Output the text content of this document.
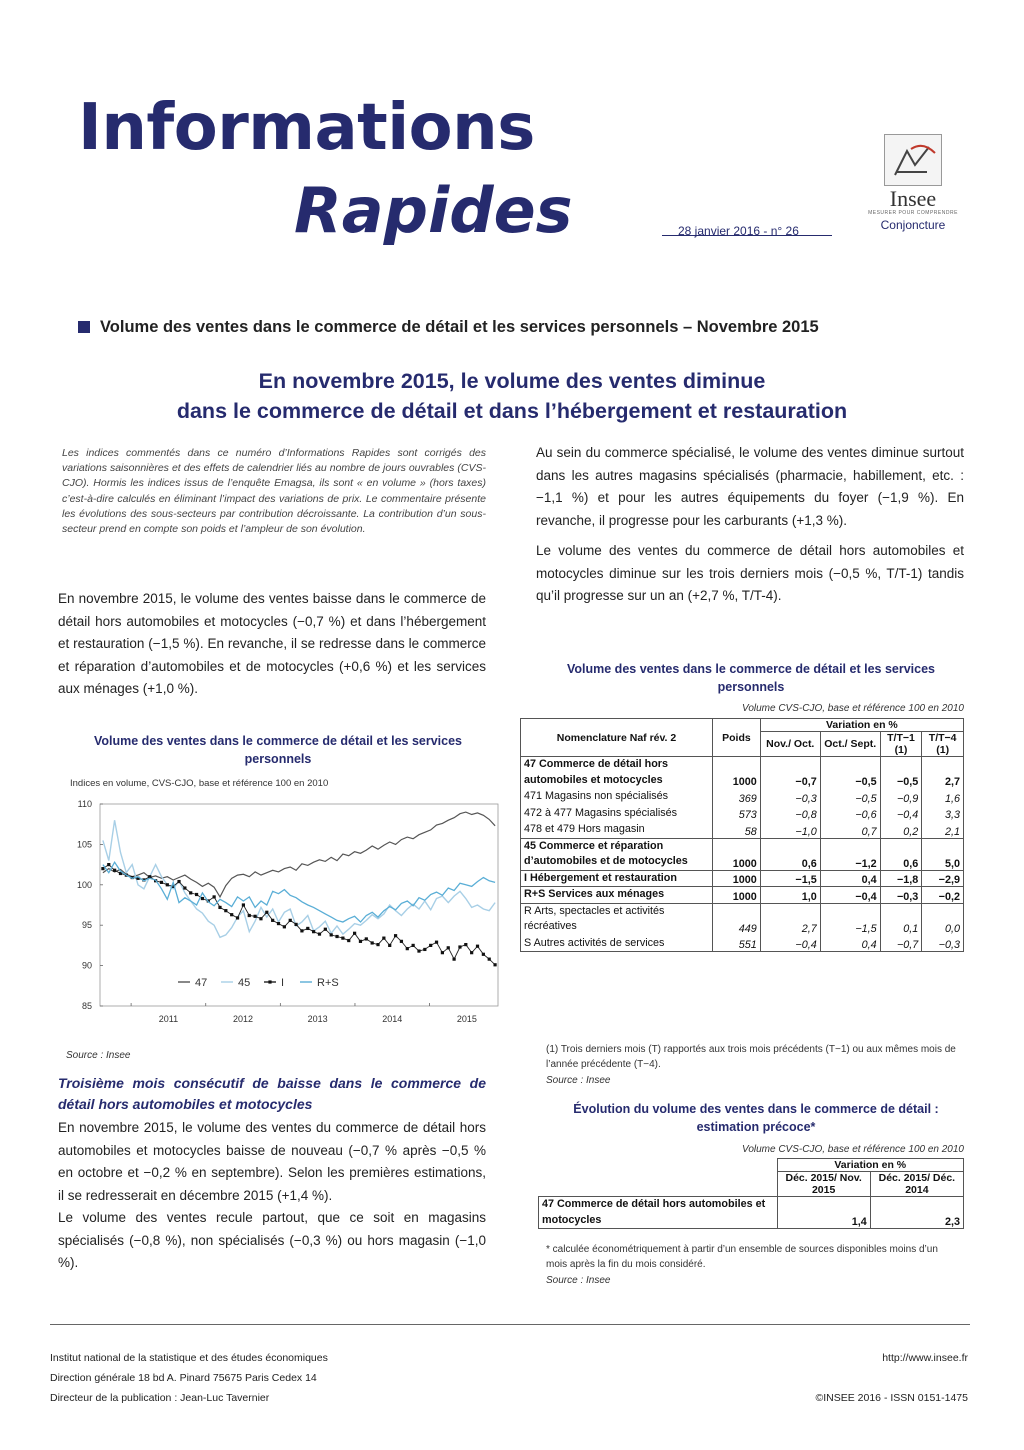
Informations
Rapides	28 janvier 2016 - n° 26
Insee
MESURER POUR COMPRENDRE
Conjoncture
Volume des ventes dans le commerce de détail et les services personnels – Novembre 2015
En novembre 2015, le volume des ventes diminue
dans le commerce de détail et dans l’hébergement et restauration
Les indices commentés dans ce numéro d’Informations Rapides sont corrigés des variations saisonnières et des effets de calendrier liés au nombre de jours ouvrables (CVS-CJO). Hormis les indices issus de l’enquête Emagsa, ils sont « en volume » (hors taxes) c’est-à-dire calculés en éliminant l’impact des variations de prix. Le commentaire présente les évolutions des sous-secteurs par contribution décroissante. La contribution d’un sous-secteur prend en compte son poids et l’ampleur de son évolution.

En novembre 2015, le volume des ventes baisse dans le commerce de détail hors automobiles et motocycles (−0,7 %) et dans l’hébergement et restauration (−1,5 %). En revanche, il se redresse dans le commerce et réparation d’automobiles et de motocycles (+0,6 %) et les services aux ménages (+1,0 %).

Volume des ventes dans le commerce de détail et les services personnels
Indices en volume, CVS-CJO, base et référence 100 en 2010
85
90
95
100
105
110
2011	2012	2013	2014	2015
47	45	I	R+S
Source : Insee
Troisième mois consécutif de baisse dans le commerce de détail hors automobiles et motocycles

En novembre 2015, le volume des ventes du commerce de détail hors automobiles et motocycles baisse de nouveau (−0,7 % après −0,5 % en octobre et −0,2 % en septembre). Selon les premières estimations, il se redresserait en décembre 2015 (+1,4 %).

Le volume des ventes recule partout, que ce soit en magasins spécialisés (−0,8 %), non spécialisés (−0,3 %) ou hors magasin (−1,0 %).

Au sein du commerce spécialisé, le volume des ventes diminue surtout dans les autres magasins spécialisés (pharmacie, habillement, etc. : −1,1 %) et pour les autres équipements du foyer (−1,9 %). En revanche, il progresse pour les carburants (+1,3 %).

Le volume des ventes du commerce de détail hors automobiles et motocycles diminue sur les trois derniers mois (−0,5 %, T/T-1) tandis qu’il progresse sur un an (+2,7 %, T/T-4).

Volume des ventes dans le commerce de détail et les services personnels
Volume CVS-CJO, base et référence 100 en 2010
Nomenclature Naf rév. 2	Poids	Variation en %			
		Nov./ Oct.	Oct./ Sept.	T/T−1 (1)	T/T−4 (1)
47 Commerce de détail hors automobiles et motocycles	1000	−0,7	−0,5	−0,5	2,7
471 Magasins non spécialisés	369	−0,3	−0,5	−0,9	1,6
472 à 477 Magasins spécialisés	573	−0,8	−0,6	−0,4	3,3
478 et 479 Hors magasin	58	−1,0	0,7	0,2	2,1
45 Commerce et réparation d’automobiles et de motocycles	1000	0,6	−1,2	0,6	5,0
I Hébergement et restauration	1000	−1,5	0,4	−1,8	−2,9
R+S Services aux ménages	1000	1,0	−0,4	−0,3	−0,2
R Arts, spectacles et activités récréatives	449	2,7	−1,5	0,1	0,0
S Autres activités de services	551	−0,4	0,4	−0,7	−0,3
(1) Trois derniers mois (T) rapportés aux trois mois précédents (T−1) ou aux mêmes mois de l’année précédente (T−4).
Source : Insee
Évolution du volume des ventes dans le commerce de détail : estimation précoce*
Volume CVS-CJO, base et référence 100 en 2010
	Variation en %	
	Déc. 2015/ Nov. 2015	Déc. 2015/ Déc. 2014
47 Commerce de détail hors automobiles et motocycles	1,4	2,3
* calculée économétriquement à partir d’un ensemble de sources disponibles moins d’un mois après la fin du mois considéré.
Source : Insee
Institut national de la statistique et des études économiques
Direction générale 18 bd A. Pinard 75675 Paris Cedex 14
Directeur de la publication : Jean-Luc Tavernier
http://www.insee.fr
©INSEE 2016 - ISSN 0151-1475
